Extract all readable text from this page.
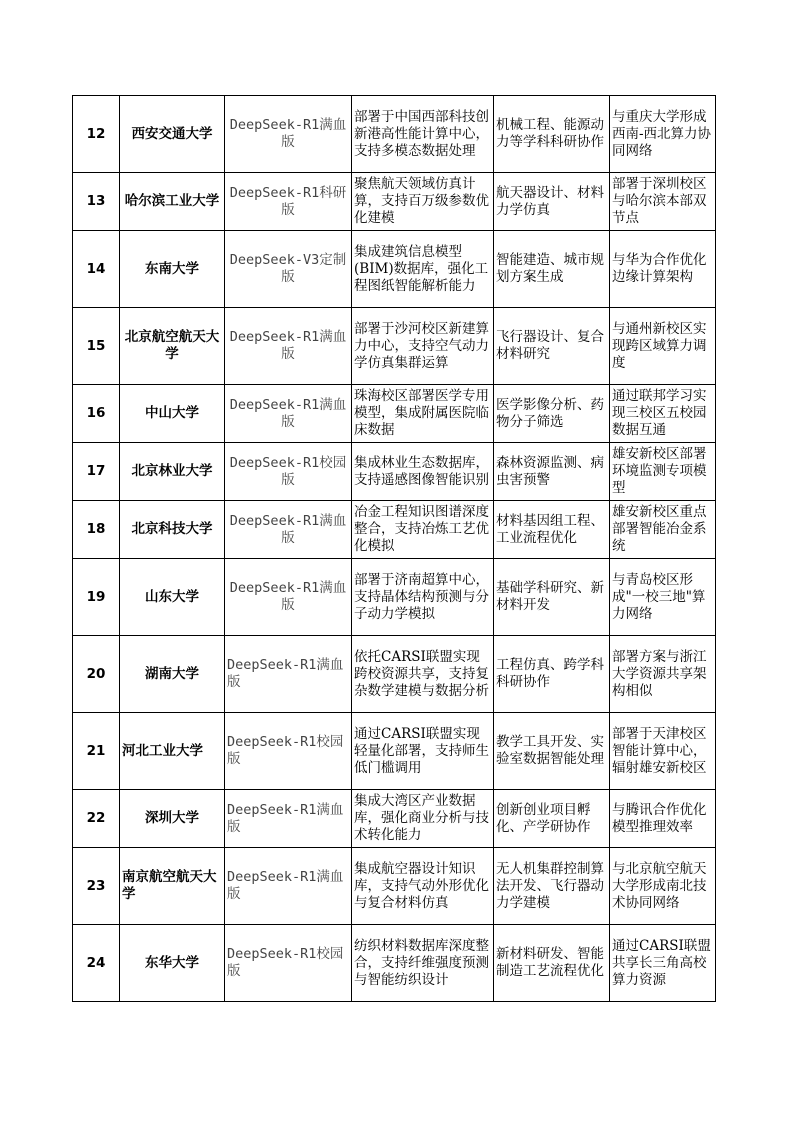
12	西安交通大学	DeepSeek-R1满血版	部署于中国西部科技创新港高性能计算中心，支持多模态数据处理	机械工程、能源动力等学科科研协作	与重庆大学形成西南-西北算力协同网络
13	哈尔滨工业大学	DeepSeek-R1科研版	聚焦航天领域仿真计算，支持百万级参数优化建模	航天器设计、材料力学仿真	部署于深圳校区与哈尔滨本部双节点
14	东南大学	DeepSeek-V3定制版	集成建筑信息模型(BIM)数据库，强化工程图纸智能解析能力	智能建造、城市规划方案生成	与华为合作优化边缘计算架构
15	北京航空航天大学	DeepSeek-R1满血版	部署于沙河校区新建算力中心，支持空气动力学仿真集群运算	飞行器设计、复合材料研究	与通州新校区实现跨区域算力调度
16	中山大学	DeepSeek-R1满血版	珠海校区部署医学专用模型，集成附属医院临床数据	医学影像分析、药物分子筛选	通过联邦学习实现三校区五校园数据互通
17	北京林业大学	DeepSeek-R1校园版	集成林业生态数据库，支持遥感图像智能识别	森林资源监测、病虫害预警	雄安新校区部署环境监测专项模型
18	北京科技大学	DeepSeek-R1满血版	冶金工程知识图谱深度整合，支持冶炼工艺优化模拟	材料基因组工程、工业流程优化	雄安新校区重点部署智能冶金系统
19	山东大学	DeepSeek-R1满血版	部署于济南超算中心，支持晶体结构预测与分子动力学模拟	基础学科研究、新材料开发	与青岛校区形成"一校三地"算力网络
20	湖南大学	DeepSeek-R1满血版	依托CARSI联盟实现跨校资源共享，支持复杂数学建模与数据分析	工程仿真、跨学科科研协作	部署方案与浙江大学资源共享架构相似
21	河北工业大学	DeepSeek-R1校园版	通过CARSI联盟实现轻量化部署，支持师生低门槛调用	教学工具开发、实验室数据智能处理	部署于天津校区智能计算中心，辐射雄安新校区
22	深圳大学	DeepSeek-R1满血版	集成大湾区产业数据库，强化商业分析与技术转化能力	创新创业项目孵化、产学研协作	与腾讯合作优化模型推理效率
23	南京航空航天大学	DeepSeek-R1满血版	集成航空器设计知识库，支持气动外形优化与复合材料仿真	无人机集群控制算法开发、飞行器动力学建模	与北京航空航天大学形成南北技术协同网络
24	东华大学	DeepSeek-R1校园版	纺织材料数据库深度整合，支持纤维强度预测与智能纺织设计	新材料研发、智能制造工艺流程优化	通过CARSI联盟共享长三角高校算力资源
